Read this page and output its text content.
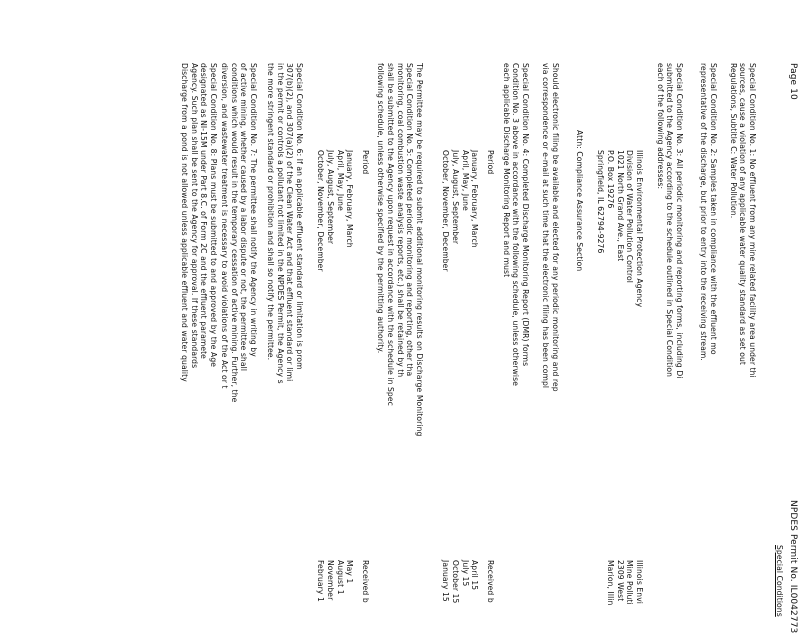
Page 10
NPDES Permit No. IL0042773
Special Conditions
Special Condition No. 1: No effluent from any mine related facility area under thi
sources, cause a violation of any applicable water quality standard as set out
Regulations, Subtitle C: Water Pollution.
Special Condition No. 2: Samples taken in compliance with the effluent mo
representative of the discharge, but prior to entry into the receiving stream.
Special Condition No. 3: All periodic monitoring and reporting forms, including Di
submitted to the Agency according to the schedule outlined in Special Condition
each of the following addresses:
Illinois Environmental Protection Agency
Division of Water Pollution Control
1021 North Grand Ave., East
P.O. Box 19276
Springfield, IL 62794-9276
Attn: Compliance Assurance Section
Illinois Envi
Mine Polluti
2309 West
Marion, Illin
Should electronic filing be available and elected for any periodic monitoring and rep
via correspondence or e-mail at such time that the electronic filing has been compl
Special Condition No. 4: Completed Discharge Monitoring Report (DMR) forms
Condition No. 3 above in accordance with the following schedule, unless otherwise
each applicable Discharge Monitoring Report and must
Period
January, February, March
April, May, June
July, August, September
October, November, December
Received b
April 15
July 15
October 15
January 15
The Permittee may be required to submit additional monitoring results on Discharge Monitoring
Special Condition No. 5: Completed periodic monitoring and reporting, other tha
monitoring, coal combustion waste analysis reports, etc.) shall be retained by th
shall be submitted to the Agency upon request in accordance with the schedule in Spec
following schedule, unless otherwise specified by the permitting authority.
Period
January, February, March
April, May, June
July, August, September
October, November, December
Received b
May 1
August 1
November
February 1
Special Condition No. 6: If an applicable effluent standard or limitation is prom
307(b)(2), and 307(a)(2) of the Clean Water Act and that effluent standard or limi
in the permit or controls a pollutant not limited in the NPDES Permit, the Agency s
the more stringent standard or prohibition and shall so notify the permittee.
Special Condition No. 7: The permittee shall notify the Agency in writing by
of active mining, whether caused by a labor dispute or not, the permittee shall
conditions which would result in the temporary cessation of active mining. Further, the
diversion, and wastewater treatment is necessary to avoid violations of the Act or t
Special Condition No. 8: Plans must be submitted to and approved by the Age
designated as NI-15M under Part 8.C. of Form 2C and the effluent paramete
Agency. Such plan shall be sent to the Agency for approval. If these standards
Discharge from a pond is not allowed unless applicable effluent and water quality
